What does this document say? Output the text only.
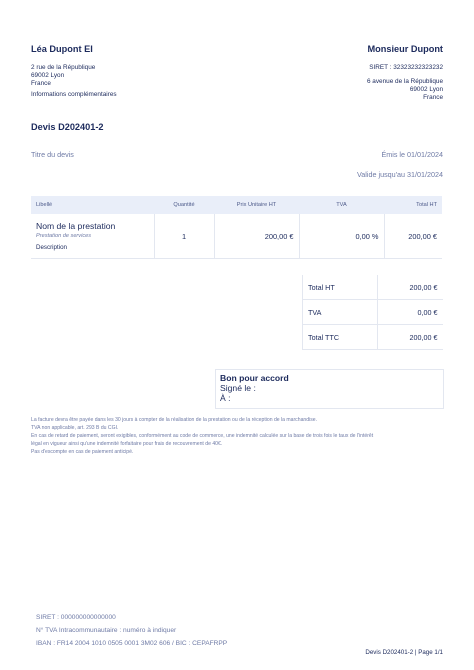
Léa Dupont EI
2 rue de la République
69002 Lyon
France
Informations complémentaires
Monsieur Dupont
SIRET : 32323232323232
6 avenue de la République
69002 Lyon
France
Devis D202401-2
Titre du devis	Émis le 01/01/2024
Valide jusqu'au 31/01/2024
Libellé	Quantité	Prix Unitaire HT	TVA	Total HT

Nom de la prestation
Prestation de services
Description	1	200,00 €	0,00 %	200,00 €
Total HT	200,00 €
TVA	0,00 €
Total TTC	200,00 €
Bon pour accord
Signé le :
À :
La facture devra être payée dans les 30 jours à compter de la réalisation de la prestation ou de la réception de la marchandise.
TVA non applicable, art. 293 B du CGI.
En cas de retard de paiement, seront exigibles, conformément au code de commerce, une indemnité calculée sur la base de trois fois le taux de l'intérêt
légal en vigueur ainsi qu'une indemnité forfaitaire pour frais de recouvrement de 40€.
Pas d'escompte en cas de paiement anticipé.
SIRET : 000000000000000
N° TVA Intracommunautaire : numéro à indiquer
IBAN : FR14 2004 1010 0505 0001 3M02 606 / BIC : CEPAFRPP
Devis D202401-2 | Page 1/1
